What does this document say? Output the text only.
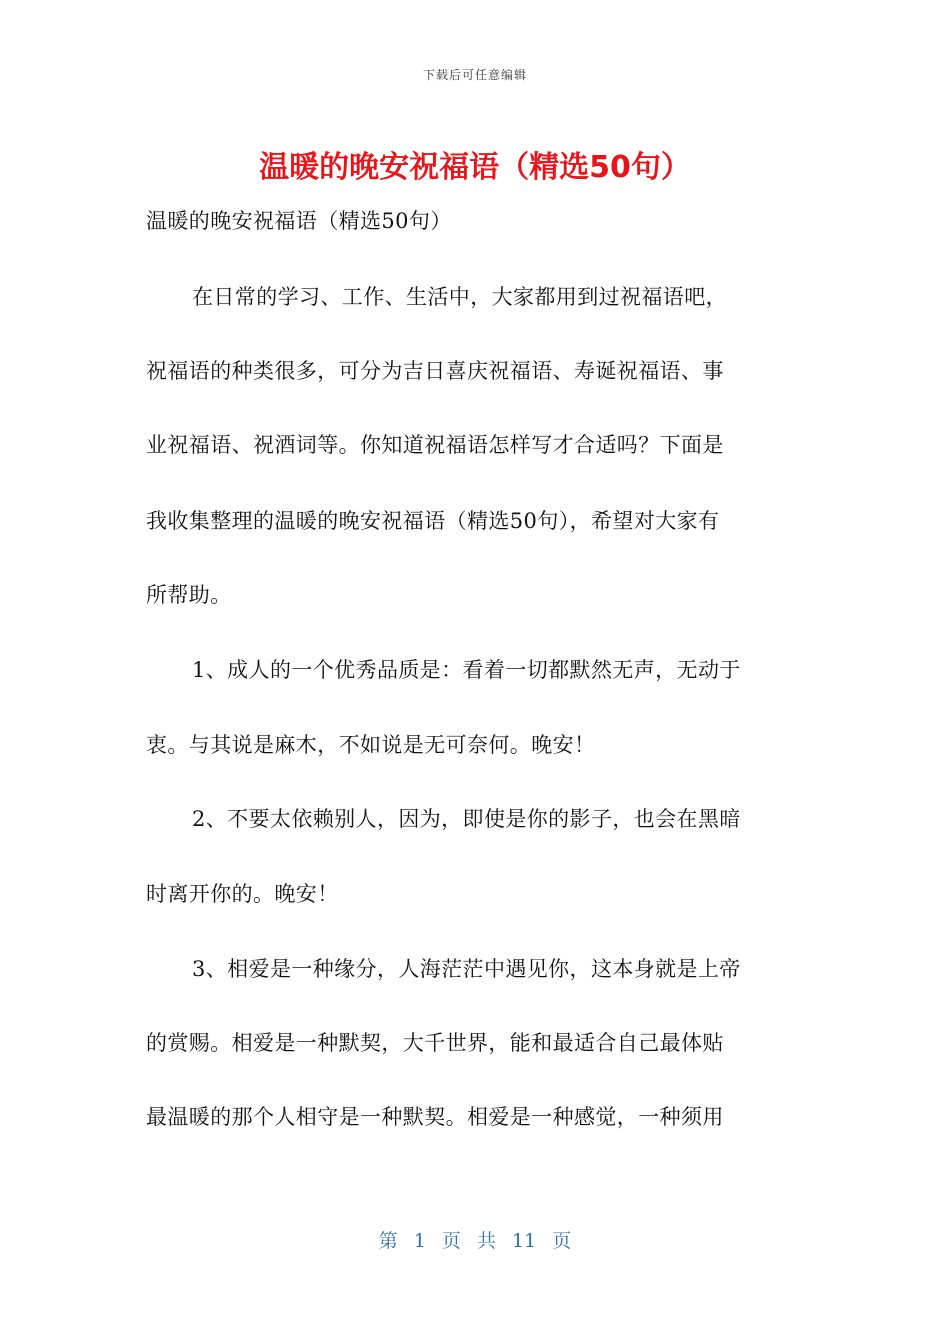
下载后可任意编辑
温暖的晚安祝福语（精选50句）
温暖的晚安祝福语（精选50句）
在日常的学习、工作、生活中，大家都用到过祝福语吧，
祝福语的种类很多，可分为吉日喜庆祝福语、寿诞祝福语、事
业祝福语、祝酒词等。你知道祝福语怎样写才合适吗？下面是
我收集整理的温暖的晚安祝福语（精选50句），希望对大家有
所帮助。
1、成人的一个优秀品质是：看着一切都默然无声，无动于
衷。与其说是麻木，不如说是无可奈何。晚安！
2、不要太依赖别人，因为，即使是你的影子，也会在黑暗
时离开你的。晚安！
3、相爱是一种缘分，人海茫茫中遇见你，这本身就是上帝
的赏赐。相爱是一种默契，大千世界，能和最适合自己最体贴
最温暖的那个人相守是一种默契。相爱是一种感觉，一种须用
第 1 页 共 11 页
